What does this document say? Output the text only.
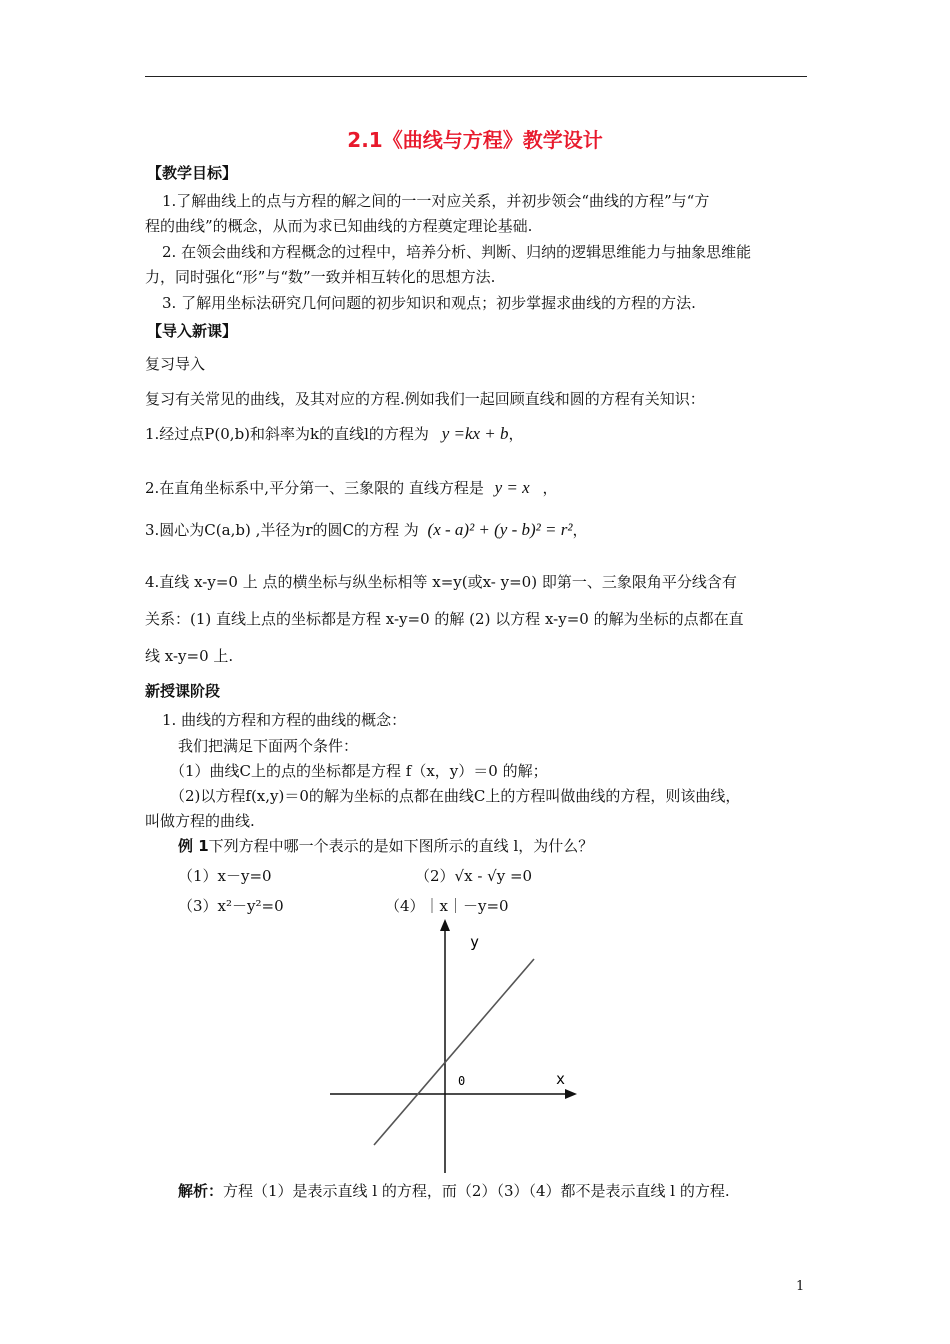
2.1《曲线与方程》教学设计
【教学目标】
1.了解曲线上的点与方程的解之间的一一对应关系，并初步领会“曲线的方程”与“方
程的曲线”的概念，从而为求已知曲线的方程奠定理论基础.
2. 在领会曲线和方程概念的过程中，培养分析、判断、归纳的逻辑思维能力与抽象思维能
力，同时强化“形”与“数”一致并相互转化的思想方法.
3. 了解用坐标法研究几何问题的初步知识和观点；初步掌握求曲线的方程的方法.
【导入新课】
复习导入
复习有关常见的曲线，及其对应的方程.例如我们一起回顾直线和圆的方程有关知识：
1.经过点P(0,b)和斜率为k的直线l的方程为 y =kx + b，
2.在直角坐标系中,平分第一、三象限的 直线方程是 y = x ，
3.圆心为C(a,b) ,半径为r的圆C的方程 为 (x - a)² + (y - b)² = r²，
4.直线 x-y=0 上 点的横坐标与纵坐标相等 x=y(或x- y=0) 即第一、三象限角平分线含有
关系：(1) 直线上点的坐标都是方程 x-y=0 的解 (2) 以方程 x-y=0 的解为坐标的点都在直
线 x-y=0 上.
新授课阶段
1. 曲线的方程和方程的曲线的概念：
我们把满足下面两个条件：
（1）曲线C上的点的坐标都是方程 f（x，y）＝0 的解；
（2)以方程f(x,y)＝0的解为坐标的点都在曲线C上的方程叫做曲线的方程，则该曲线，
叫做方程的曲线.
例 1下列方程中哪一个表示的是如下图所示的直线 l，为什么？
（1）x－y=0	（2）√x - √y =0
（3）x²－y²=0	（4）｜x｜－y=0
y
x
0
解析：方程（1）是表示直线 l 的方程，而（2）（3）（4）都不是表示直线 l 的方程.
1
